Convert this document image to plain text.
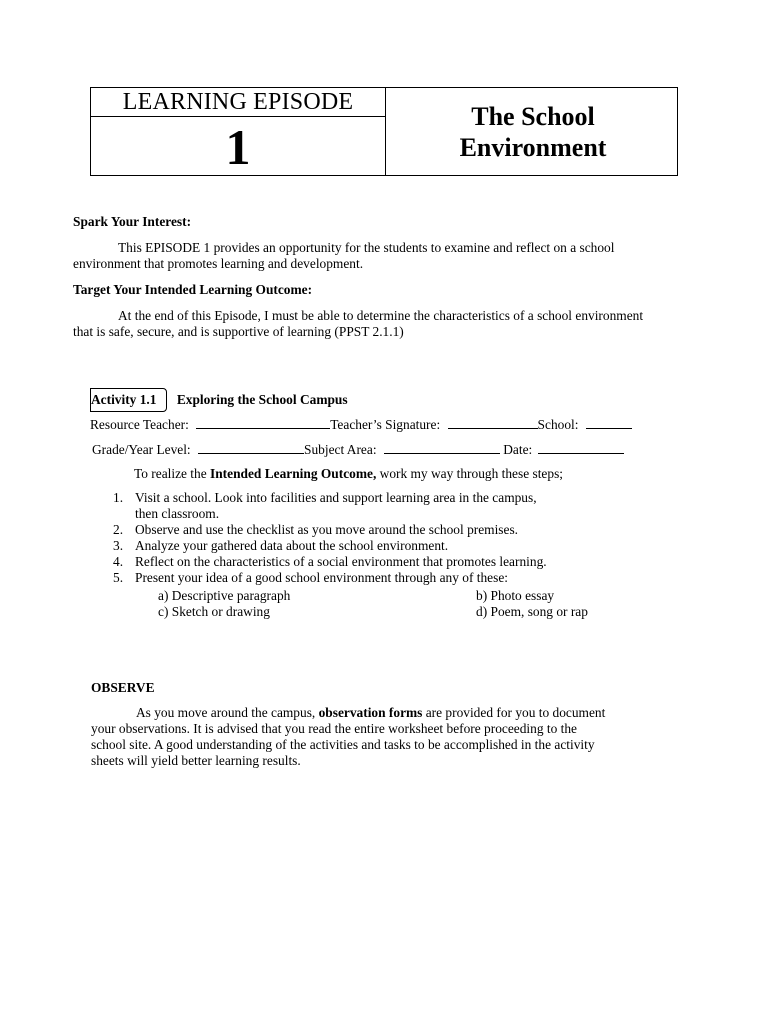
LEARNING EPISODE
1
The School
Environment
Spark Your Interest:
This EPISODE 1 provides an opportunity for the students to examine and reflect on a school
environment that promotes learning and development.
Target Your Intended Learning Outcome:
At the end of this Episode, I must be able to determine the characteristics of a school environment
that is safe, secure, and is supportive of learning (PPST 2.1.1)
Activity 1.1 Exploring the School Campus
Resource Teacher:	Teacher’s Signature:	School:
Grade/Year Level:	Subject Area:	Date:
To realize the Intended Learning Outcome, work my way through these steps;
1. Visit a school. Look into facilities and support learning area in the campus,
then classroom.
2. Observe and use the checklist as you move around the school premises.
3. Analyze your gathered data about the school environment.
4. Reflect on the characteristics of a social environment that promotes learning.
5. Present your idea of a good school environment through any of these:
a) Descriptive paragraph	b) Photo essay
c) Sketch or drawing	d) Poem, song or rap
OBSERVE
As you move around the campus, observation forms are provided for you to document
your observations. It is advised that you read the entire worksheet before proceeding to the
school site. A good understanding of the activities and tasks to be accomplished in the activity
sheets will yield better learning results.
